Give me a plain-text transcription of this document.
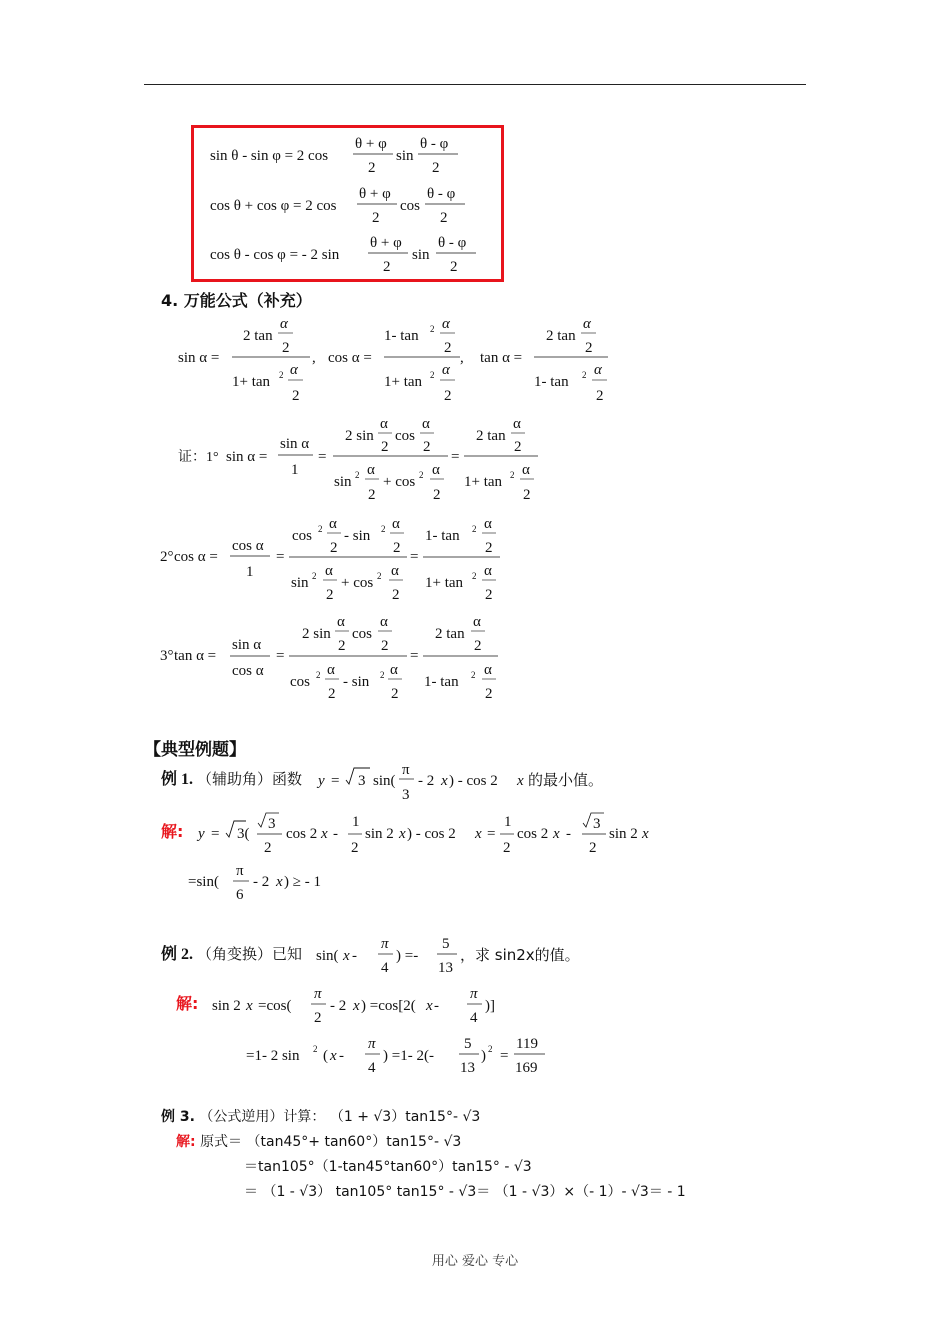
sin θ - sin φ = 2 cos
θ + φ
2
sin
θ - φ
2
cos θ + cos φ = 2 cos
θ + φ
2
cos
θ - φ
2
cos θ - cos φ = - 2 sin
θ + φ
2
sin
θ - φ
2
sin α =
2 tan
α
2
1+ tan 2 α
2
, cos α =
1- tan 2 α
2
1+ tan 2 α
2
, tan α =
2 tan
α
2
1- tan 2 α
2
证：1° sin α =
sin α
1
=
2 sin
α
2
cos
α
2
sin 2 α
2
+ cos 2 α
2
=
2 tan
α
2
1+ tan 2 α
2
2° cos α =
cos α
1
=
cos 2 α
2
- sin 2 α
2
sin 2 α
2
+ cos 2 α
2
=
1- tan 2 α
2
1+ tan 2 α
2
3° tan α =
sin α
cos α
=
2 sin
α
2
cos
α
2
cos 2 α
2
- sin 2 α
2
=
2 tan
α
2
1- tan 2 α
2
y = 3 sin(
π
3
- 2 x ) - cos 2 x
y = 3(
3
2
cos 2 x -
1
2
sin 2 x ) - cos 2 x =
1
2
cos 2 x -
3
2
sin 2 x
=sin(
π
6
- 2 x ) ≥ - 1
sin( x -
π
4
) =-
5
13
sin 2 x =cos(
π
2
- 2 x ) =cos[2( x -
π
4
)]
=1- 2 sin 2 ( x -
π
4
) =1- 2(-
5
13
) 2 =
119
169
4. 万能公式（补充）
【典型例题】
例 1. （辅助角）函数	的最小值。
解:
例 2. （角变换）已知	，求 sin2x的值。
解:
例 3. （公式逆用）计算： （1 + √3）tan15°- √3
解: 原式＝ （tan45°+ tan60°）tan15°- √3
＝tan105°（1-tan45°tan60°）tan15° - √3
＝ （1 - √3） tan105° tan15° - √3＝ （1 - √3）×（- 1）- √3＝ - 1
用心 爱心 专心
